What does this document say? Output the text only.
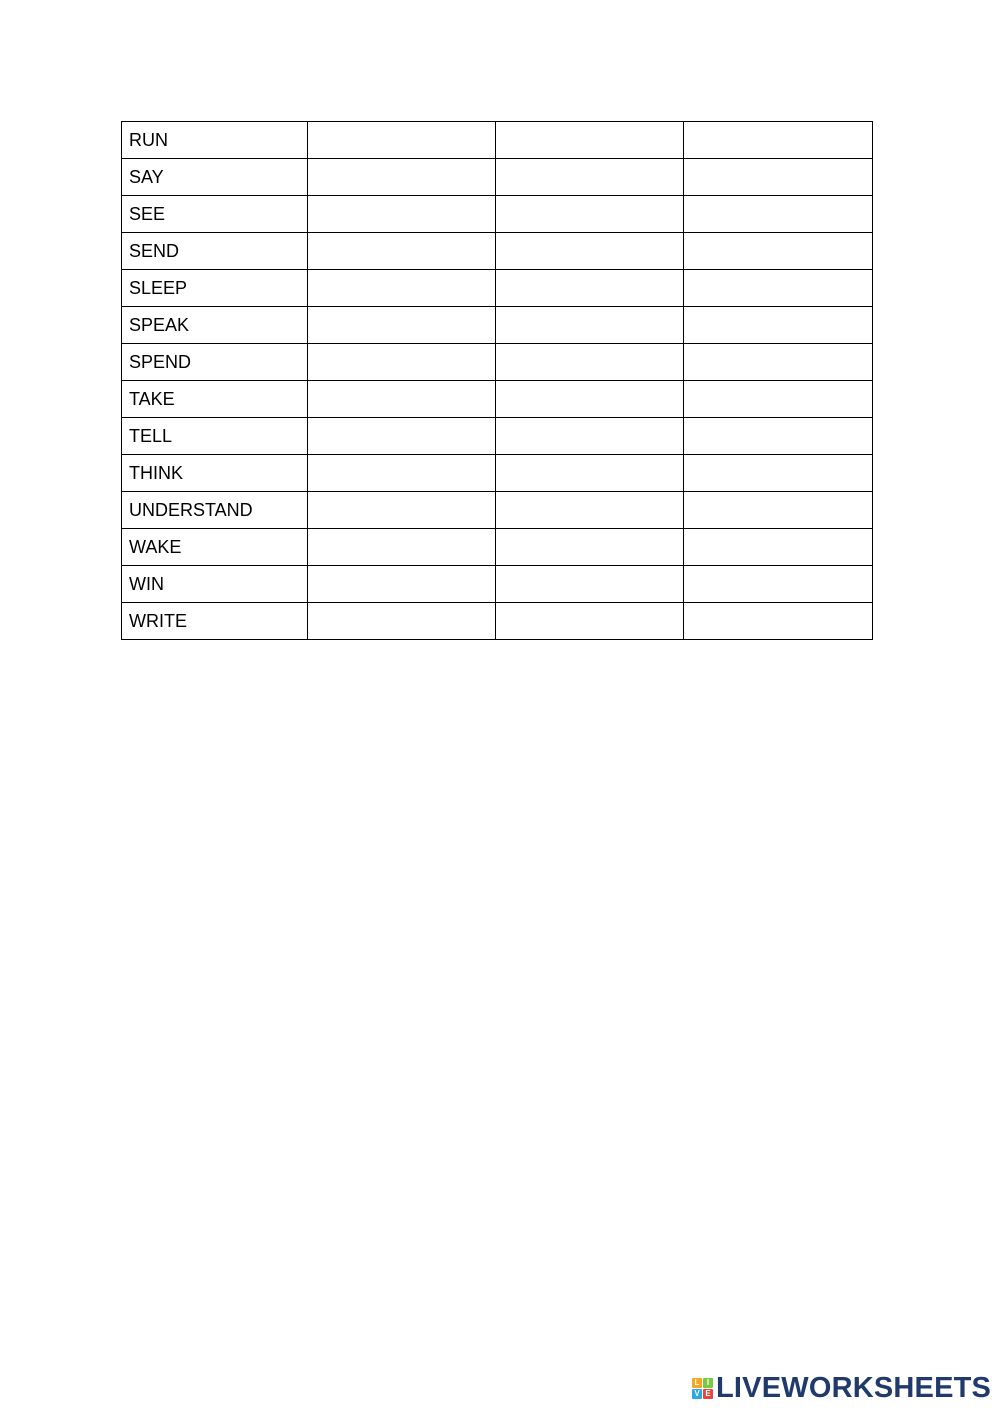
RUN			
SAY			
SEE			
SEND			
SLEEP			
SPEAK			
SPEND			
TAKE			
TELL			
THINK			
UNDERSTAND			
WAKE			
WIN			
WRITE			
L I
V E LIVEWORKSHEETS
